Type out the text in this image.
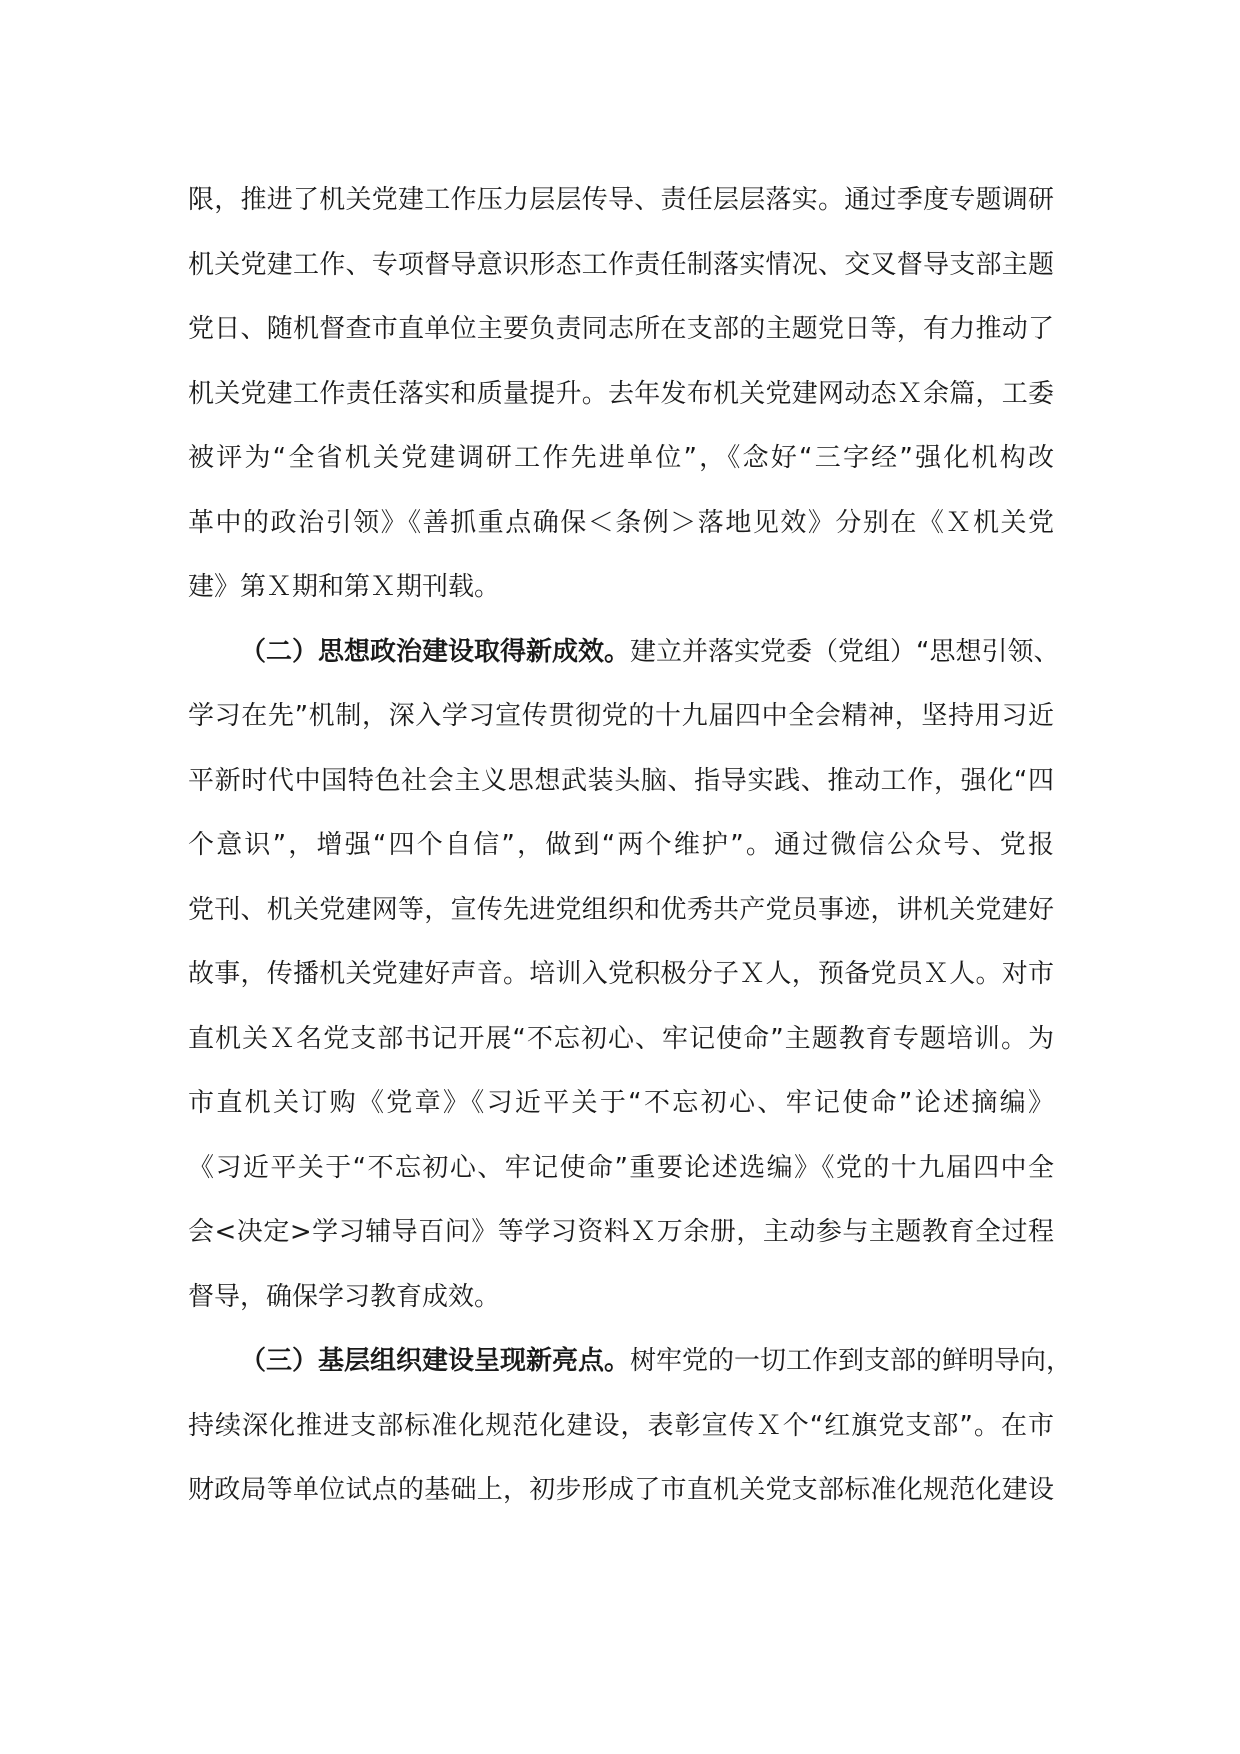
限，推进了机关党建工作压力层层传导、责任层层落实。通过季度专题调研
机关党建工作、专项督导意识形态工作责任制落实情况、交叉督导支部主题
党日、随机督查市直单位主要负责同志所在支部的主题党日等，有力推动了
机关党建工作责任落实和质量提升。去年发布机关党建网动态Ｘ余篇，工委
被评为“全省机关党建调研工作先进单位”，《念好“三字经”强化机构改
革中的政治引领》《善抓重点确保＜条例＞落地见效》分别在《Ｘ机关党
建》第Ｘ期和第Ｘ期刊载。

（二）思想政治建设取得新成效。建立并落实党委（党组）“思想引领、
学习在先”机制，深入学习宣传贯彻党的十九届四中全会精神，坚持用习近
平新时代中国特色社会主义思想武装头脑、指导实践、推动工作，强化“四
个意识”，增强“四个自信”，做到“两个维护”。通过微信公众号、党报
党刊、机关党建网等，宣传先进党组织和优秀共产党员事迹，讲机关党建好
故事，传播机关党建好声音。培训入党积极分子Ｘ人，预备党员Ｘ人。对市
直机关Ｘ名党支部书记开展“不忘初心、牢记使命”主题教育专题培训。为
市直机关订购《党章》《习近平关于“不忘初心、牢记使命”论述摘编》
《习近平关于“不忘初心、牢记使命”重要论述选编》《党的十九届四中全
会<决定>学习辅导百问》等学习资料Ｘ万余册，主动参与主题教育全过程
督导，确保学习教育成效。

（三）基层组织建设呈现新亮点。树牢党的一切工作到支部的鲜明导向，
持续深化推进支部标准化规范化建设，表彰宣传Ｘ个“红旗党支部”。在市
财政局等单位试点的基础上，初步形成了市直机关党支部标准化规范化建设
